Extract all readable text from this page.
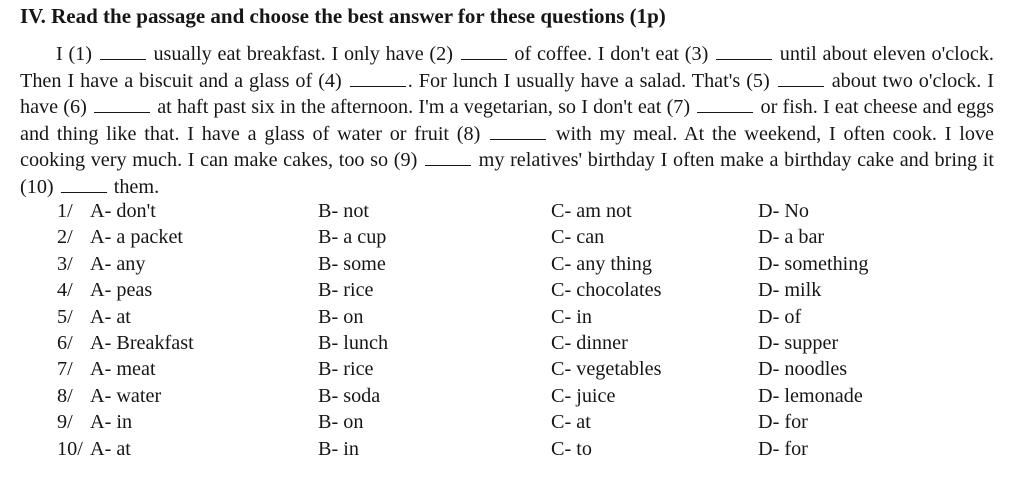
IV. Read the passage and choose the best answer for these questions (1p)
I (1)  usually eat breakfast. I only have (2)  of coffee. I don't eat (3)	until about eleven o'clock. Then I have a biscuit and a glass of (4)	. For lunch I usually have a salad. That's (5)  about two o'clock. I have (6)	at haft past six in the afternoon. I'm a vegetarian, so I don't eat (7)	or fish. I eat cheese and eggs and thing like that. I have a glass of water or fruit (8)	with my meal. At the weekend, I often cook. I love cooking very much. I can make cakes, too so (9)  my relatives' birthday I often make a birthday cake and bring it (10)  them.
1/ A- don't	B- not	C- am not	D- No
2/ A- a packet	B- a cup	C- can	D- a bar
3/ A- any	B- some	C- any thing	D- something
4/ A- peas	B- rice	C- chocolates	D- milk
5/ A- at	B- on	C- in	D- of
6/ A- Breakfast	B- lunch	C- dinner	D- supper
7/ A- meat	B- rice	C- vegetables	D- noodles
8/ A- water	B- soda	C- juice	D- lemonade
9/ A- in	B- on	C- at	D- for
10/ A- at	B- in	C- to	D- for
